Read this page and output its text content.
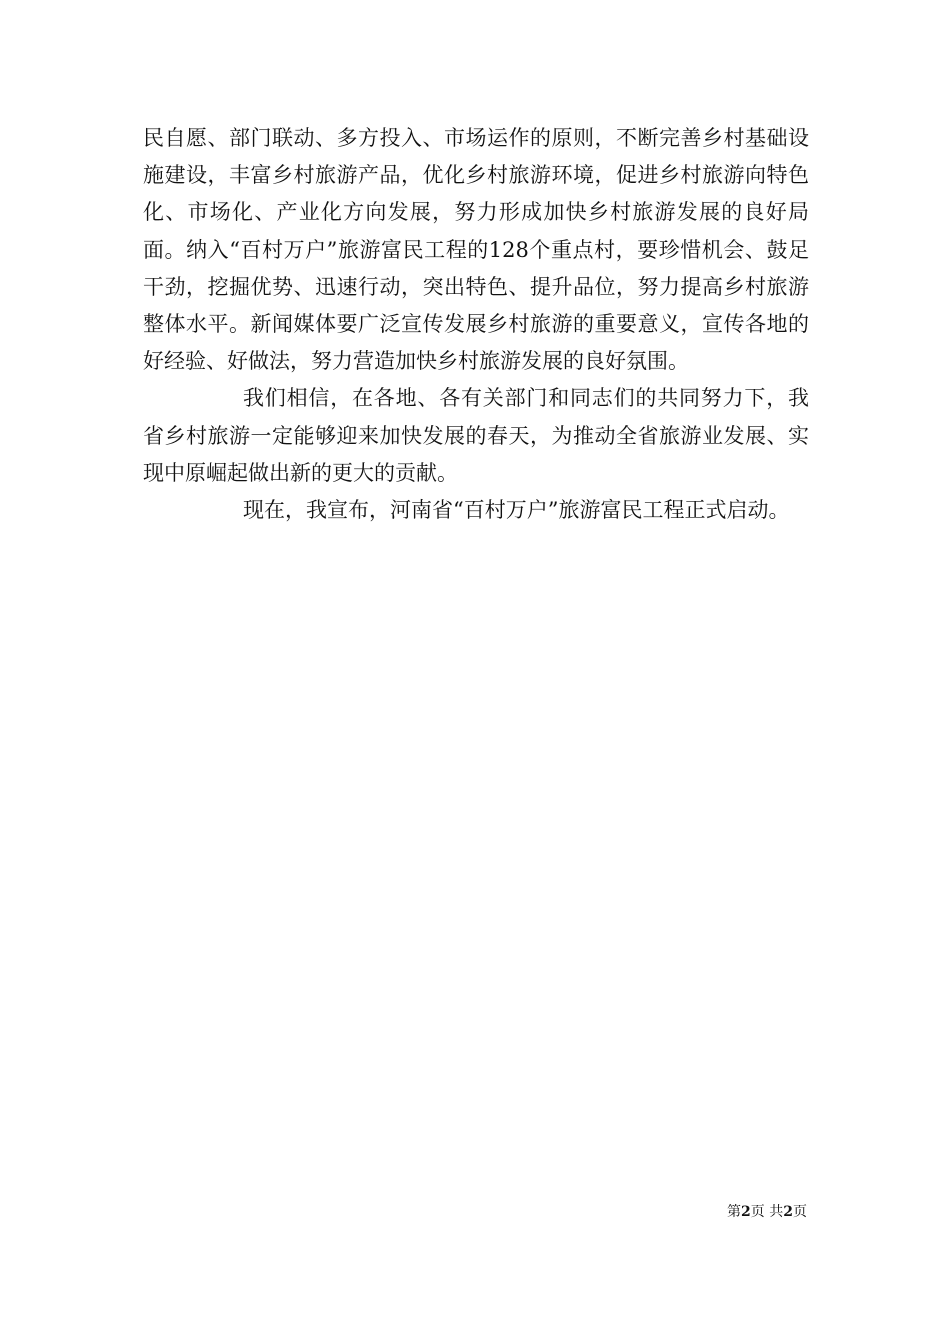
民自愿、部门联动、多方投入、市场运作的原则，不断完善乡村基础设施建设，丰富乡村旅游产品，优化乡村旅游环境，促进乡村旅游向特色化、市场化、产业化方向发展，努力形成加快乡村旅游发展的良好局面。纳入“百村万户”旅游富民工程的128个重点村，要珍惜机会、鼓足干劲，挖掘优势、迅速行动，突出特色、提升品位，努力提高乡村旅游整体水平。新闻媒体要广泛宣传发展乡村旅游的重要意义，宣传各地的好经验、好做法，努力营造加快乡村旅游发展的良好氛围。

我们相信，在各地、各有关部门和同志们的共同努力下，我省乡村旅游一定能够迎来加快发展的春天，为推动全省旅游业发展、实现中原崛起做出新的更大的贡献。

现在，我宣布，河南省“百村万户”旅游富民工程正式启动。

第2页 共2页
